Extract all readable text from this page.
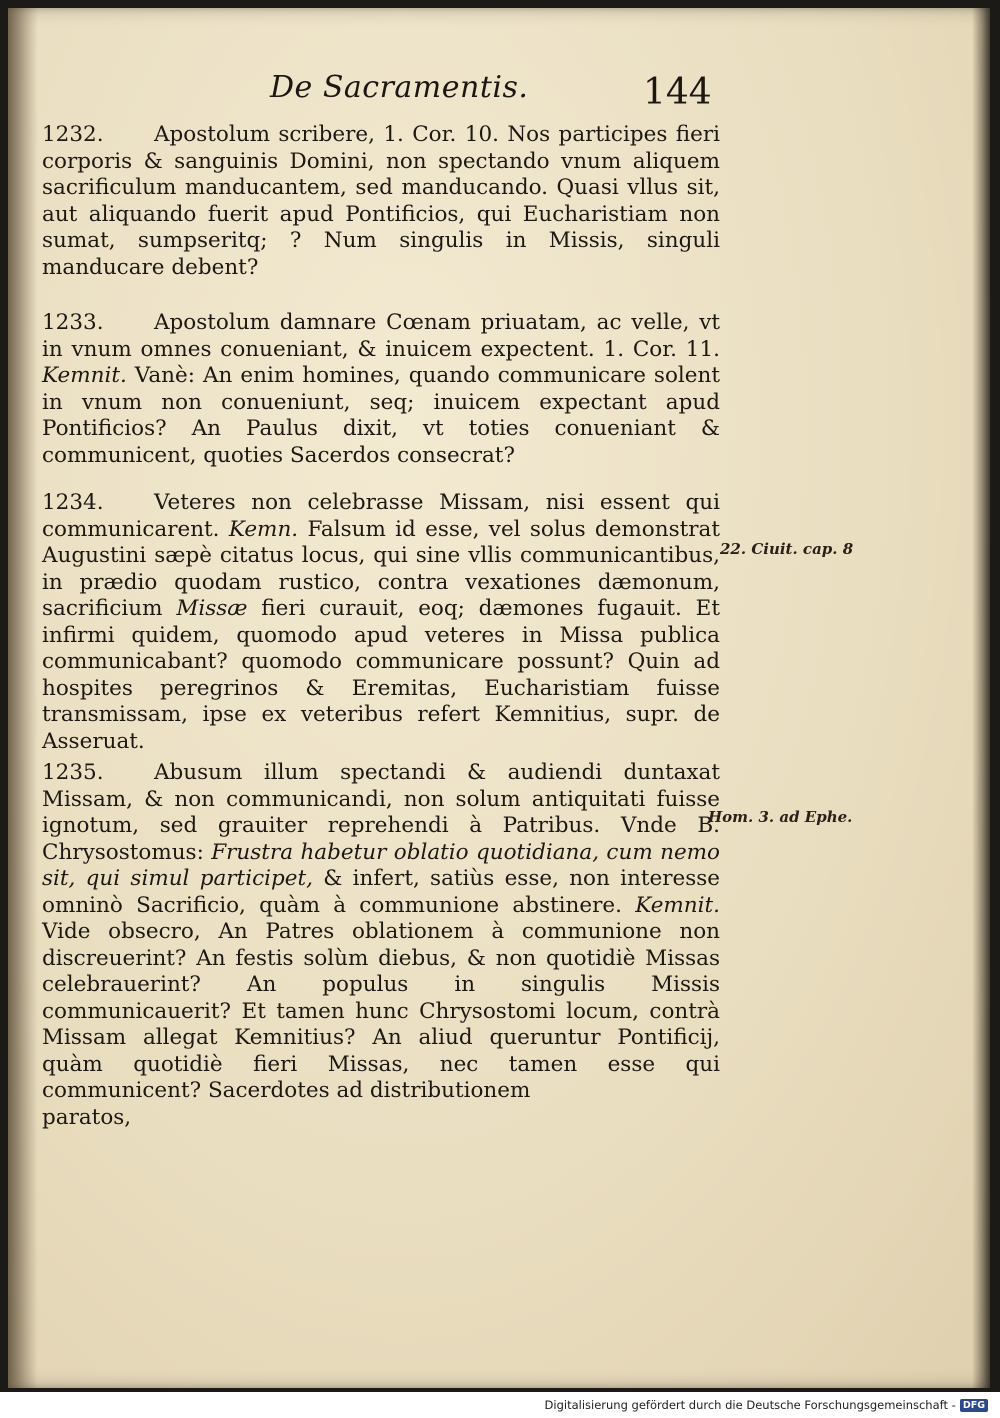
De Sacramentis.	144
1232. Apostolum scribere, 1. Cor. 10. Nos participes fieri corporis & sanguinis Domini, non spectando vnum aliquem sacrificulum manducantem, sed manducando. Quasi vllus sit, aut aliquando fuerit apud Pontificios, qui Eucharistiam non sumat, sumpseritq; ? Num singulis in Missis, singuli manducare debent?
1233. Apostolum damnare Cœnam priuatam, ac velle, vt in vnum omnes conueniant, & inuicem expectent. 1. Cor. 11. Kemnit. Vanè: An enim homines, quando communicare solent in vnum non conueniunt, seq; inuicem expectant apud Pontificios? An Paulus dixit, vt toties conueniant & communicent, quoties Sacerdos consecrat?
1234. Veteres non celebrasse Missam, nisi essent qui communicarent. Kemn. Falsum id esse, vel solus demonstrat Augustini sæpè citatus locus, qui sine vllis communicantibus, in prædio quodam rustico, contra vexationes dæmonum, sacrificium Missæ fieri curauit, eoq; dæmones fugauit. Et infirmi quidem, quomodo apud veteres in Missa publica communicabant? quomodo communicare possunt? Quin ad hospites peregrinos & Eremitas, Eucharistiam fuisse transmissam, ipse ex veteribus refert Kemnitius, supr. de Asseruat.
1235. Abusum illum spectandi & audiendi duntaxat Missam, & non communicandi, non solum antiquitati fuisse ignotum, sed grauiter reprehendi à Patribus. Vnde B. Chrysostomus: Frustra habetur oblatio quotidiana, cum nemo sit, qui simul participet, & infert, satiùs esse, non interesse omninò Sacrificio, quàm à communione abstinere. Kemnit. Vide obsecro, An Patres oblationem à communione non discreuerint? An festis solùm diebus, & non quotidiè Missas celebrauerint? An populus in singulis Missis communicauerit? Et tamen hunc Chrysostomi locum, contrà Missam allegat Kemnitius? An aliud queruntur Pontificij, quàm quotidiè fieri Missas, nec tamen esse qui communicent? Sacerdotes ad distributionem
paratos,
22. Ciuit. cap. 8
Hom. 3. ad Ephe.
Digitalisierung gefördert durch die Deutsche Forschungsgemeinschaft - DFG
